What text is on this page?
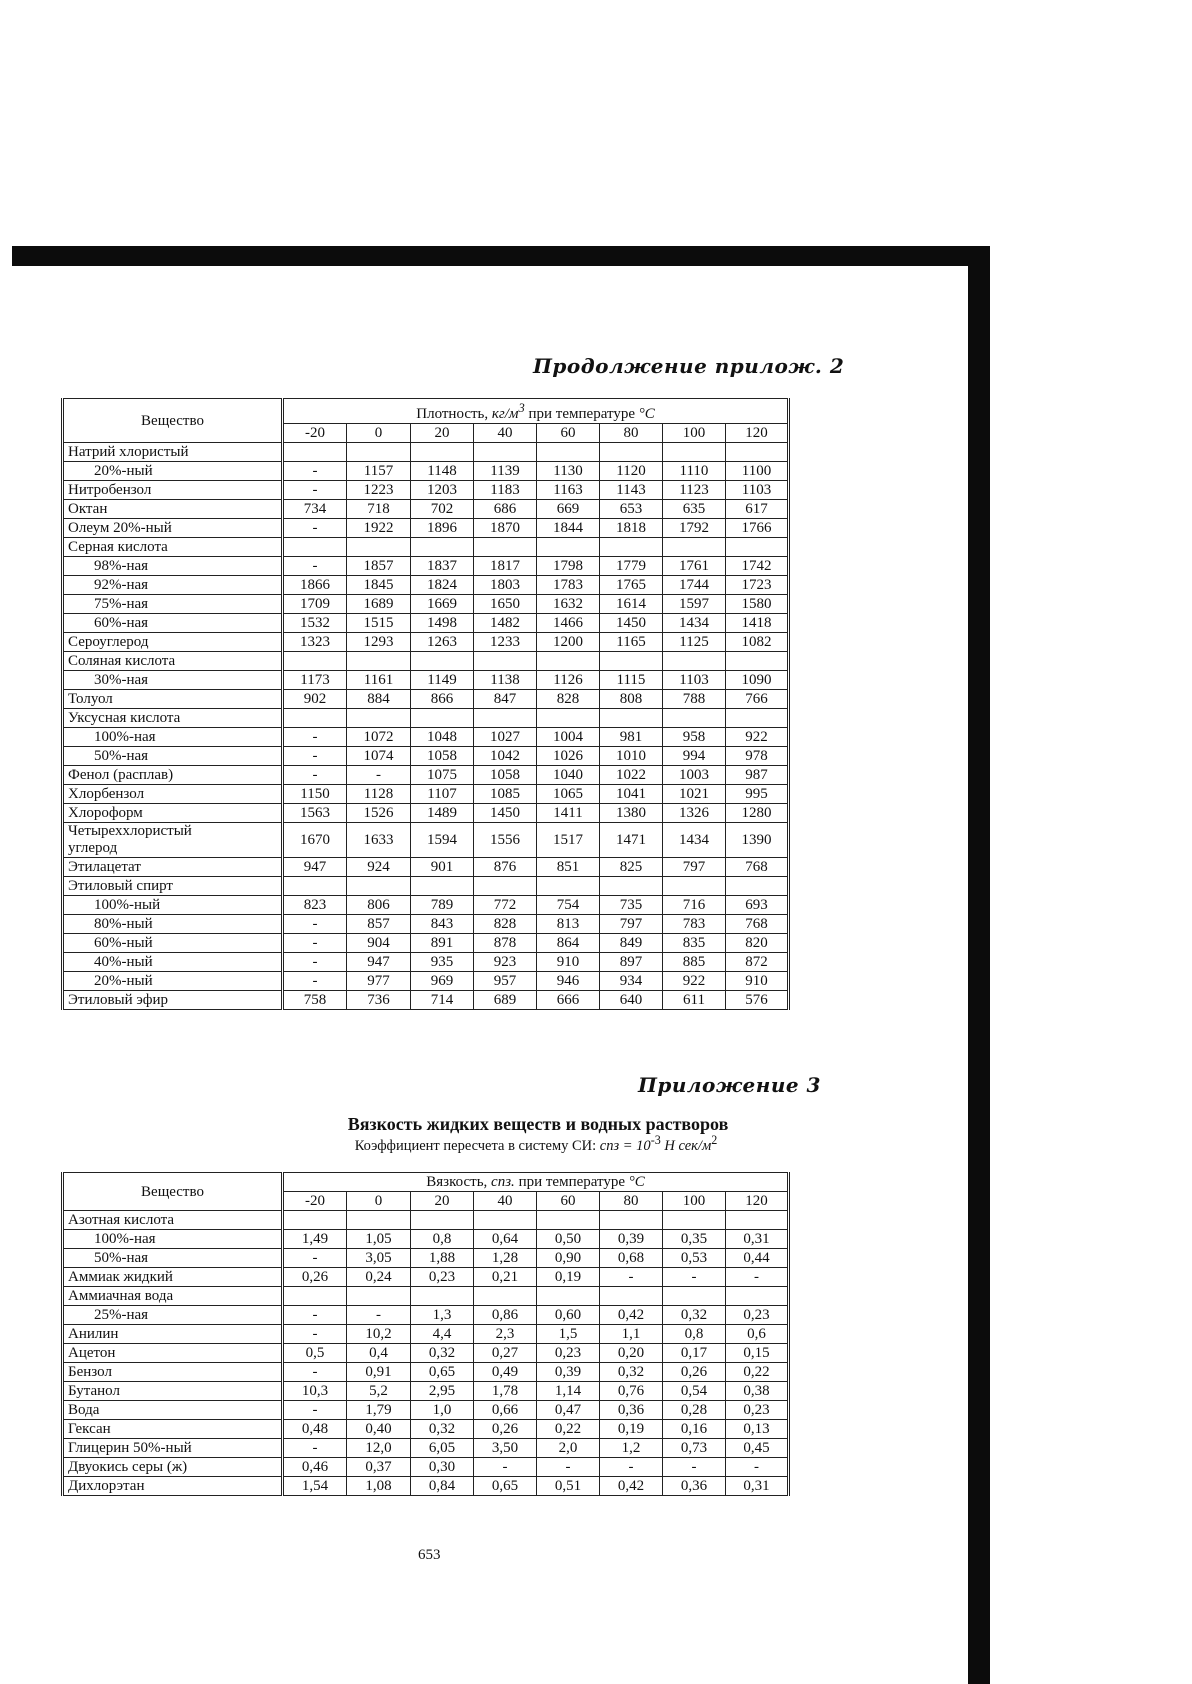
Продолжение прилож. 2
Вещество	Плотность, $кг/м^3$ при температуре °C							
	-20	0	20	40	60	80	100	120
Натрий хлористый								
20%-ный	-	1157	1148	1139	1130	1120	1110	1100
Нитробензол	-	1223	1203	1183	1163	1143	1123	1103
Октан	734	718	702	686	669	653	635	617
Олеум 20%-ный	-	1922	1896	1870	1844	1818	1792	1766
Серная кислота								
98%-ная	-	1857	1837	1817	1798	1779	1761	1742
92%-ная	1866	1845	1824	1803	1783	1765	1744	1723
75%-ная	1709	1689	1669	1650	1632	1614	1597	1580
60%-ная	1532	1515	1498	1482	1466	1450	1434	1418
Сероуглерод	1323	1293	1263	1233	1200	1165	1125	1082
Соляная кислота								
30%-ная	1173	1161	1149	1138	1126	1115	1103	1090
Толуол	902	884	866	847	828	808	788	766
Уксусная кислота								
100%-ная	-	1072	1048	1027	1004	981	958	922
50%-ная	-	1074	1058	1042	1026	1010	994	978
Фенол (расплав)	-	-	1075	1058	1040	1022	1003	987
Хлорбензол	1150	1128	1107	1085	1065	1041	1021	995
Хлороформ	1563	1526	1489	1450	1411	1380	1326	1280
Четыреххлористый
углерод	1670	1633	1594	1556	1517	1471	1434	1390
Этилацетат	947	924	901	876	851	825	797	768
Этиловый спирт								
100%-ный	823	806	789	772	754	735	716	693
80%-ный	-	857	843	828	813	797	783	768
60%-ный	-	904	891	878	864	849	835	820
40%-ный	-	947	935	923	910	897	885	872
20%-ный	-	977	969	957	946	934	922	910
Этиловый эфир	758	736	714	689	666	640	611	576
Приложение 3
Вязкость жидких веществ и водных растворов
Коэффициент пересчета в систему СИ: спз = $10^{-3}$ Н сек/$м^2$
Вещество	Вязкость, спз. при температуре °C							
	-20	0	20	40	60	80	100	120
Азотная кислота								
100%-ная	1,49	1,05	0,8	0,64	0,50	0,39	0,35	0,31
50%-ная	-	3,05	1,88	1,28	0,90	0,68	0,53	0,44
Аммиак жидкий	0,26	0,24	0,23	0,21	0,19	-	-	-
Аммиачная вода								
25%-ная	-	-	1,3	0,86	0,60	0,42	0,32	0,23
Анилин	-	10,2	4,4	2,3	1,5	1,1	0,8	0,6
Ацетон	0,5	0,4	0,32	0,27	0,23	0,20	0,17	0,15
Бензол	-	0,91	0,65	0,49	0,39	0,32	0,26	0,22
Бутанол	10,3	5,2	2,95	1,78	1,14	0,76	0,54	0,38
Вода	-	1,79	1,0	0,66	0,47	0,36	0,28	0,23
Гексан	0,48	0,40	0,32	0,26	0,22	0,19	0,16	0,13
Глицерин 50%-ный	-	12,0	6,05	3,50	2,0	1,2	0,73	0,45
Двуокись серы (ж)	0,46	0,37	0,30	-	-	-	-	-
Дихлорэтан	1,54	1,08	0,84	0,65	0,51	0,42	0,36	0,31
653
